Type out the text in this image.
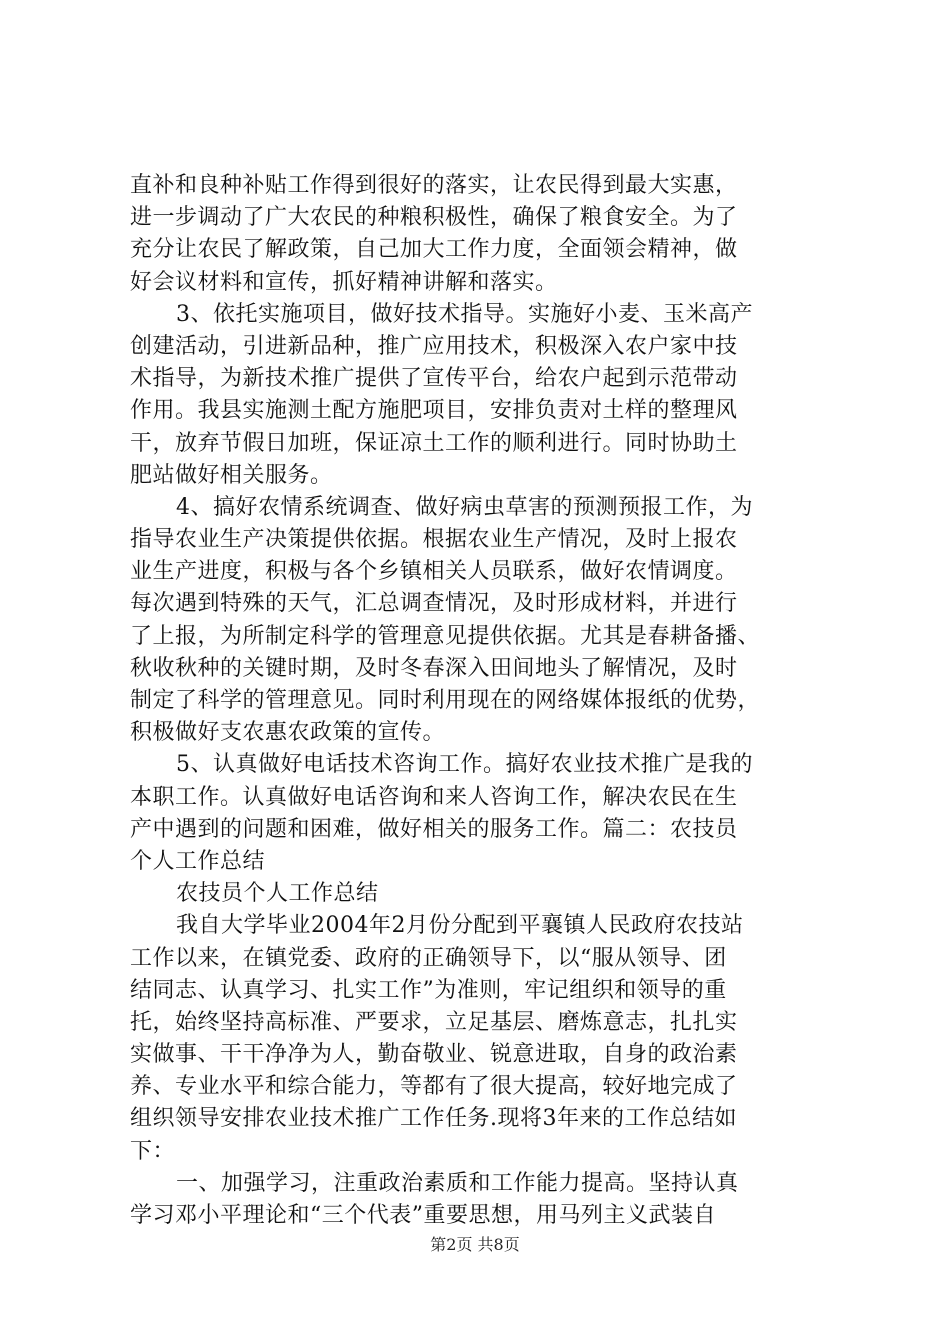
直补和良种补贴工作得到很好的落实，让农民得到最大实惠，
进一步调动了广大农民的种粮积极性，确保了粮食安全。为了
充分让农民了解政策，自己加大工作力度，全面领会精神，做
好会议材料和宣传，抓好精神讲解和落实。
3、依托实施项目，做好技术指导。实施好小麦、玉米高产
创建活动，引进新品种，推广应用技术，积极深入农户家中技
术指导，为新技术推广提供了宣传平台，给农户起到示范带动
作用。我县实施测土配方施肥项目，安排负责对土样的整理风
干，放弃节假日加班，保证凉土工作的顺利进行。同时协助土
肥站做好相关服务。
4、搞好农情系统调查、做好病虫草害的预测预报工作，为
指导农业生产决策提供依据。根据农业生产情况，及时上报农
业生产进度，积极与各个乡镇相关人员联系，做好农情调度。
每次遇到特殊的天气，汇总调查情况，及时形成材料，并进行
了上报，为所制定科学的管理意见提供依据。尤其是春耕备播、
秋收秋种的关键时期，及时冬春深入田间地头了解情况，及时
制定了科学的管理意见。同时利用现在的网络媒体报纸的优势，
积极做好支农惠农政策的宣传。
5、认真做好电话技术咨询工作。搞好农业技术推广是我的
本职工作。认真做好电话咨询和来人咨询工作，解决农民在生
产中遇到的问题和困难，做好相关的服务工作。篇二：农技员
个人工作总结
农技员个人工作总结
我自大学毕业2004年2月份分配到平襄镇人民政府农技站
工作以来，在镇党委、政府的正确领导下，以“服从领导、团
结同志、认真学习、扎实工作”为准则，牢记组织和领导的重
托，始终坚持高标准、严要求，立足基层、磨炼意志，扎扎实
实做事、干干净净为人，勤奋敬业、锐意进取，自身的政治素
养、专业水平和综合能力，等都有了很大提高，较好地完成了
组织领导安排农业技术推广工作任务.现将3年来的工作总结如
下：
一、加强学习，注重政治素质和工作能力提高。坚持认真
学习邓小平理论和“三个代表”重要思想，用马列主义武装自
第2页 共8页
